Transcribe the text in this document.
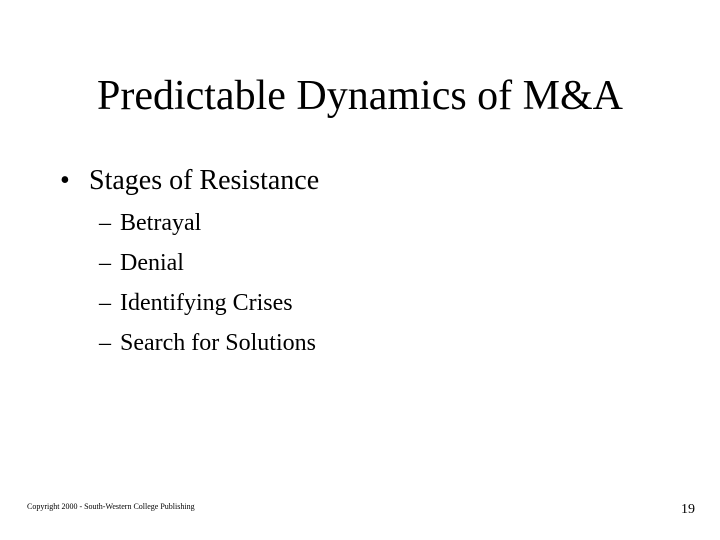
Predictable Dynamics of M&A
• Stages of Resistance
– Betrayal
– Denial
– Identifying Crises
– Search for Solutions
Copyright 2000 - South-Western College Publishing	19
